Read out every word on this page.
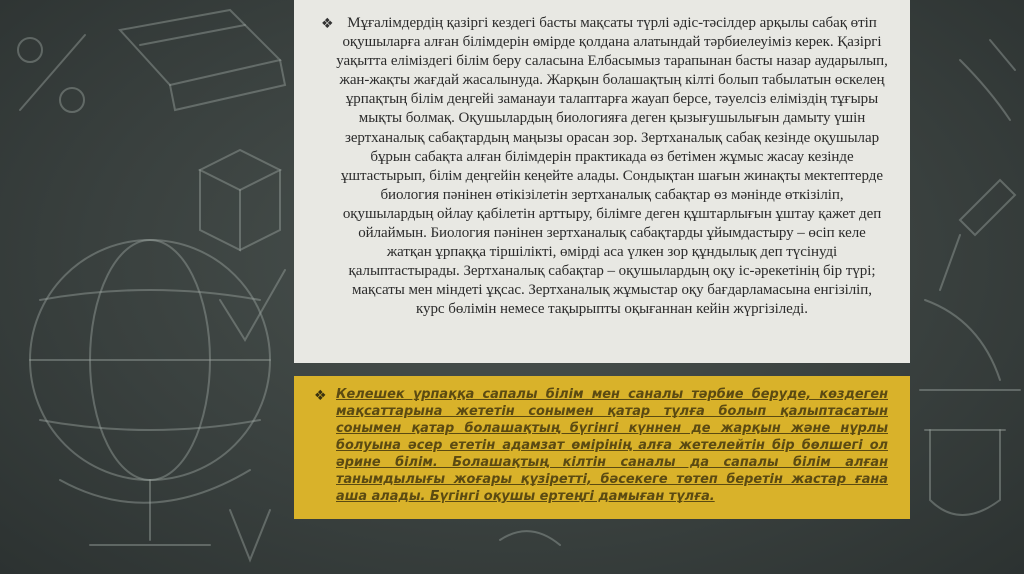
❖ Мұғалімдердің қазіргі кездегі басты мақсаты түрлі әдіс-тәсілдер арқылы сабақ өтіп оқушыларға алған білімдерін өмірде қолдана алатындай тәрбиелеуіміз керек. Қазіргі уақытта еліміздегі білім беру саласына Елбасымыз тарапынан басты назар аударылып, жан-жақты жағдай жасалынуда. Жарқын болашақтың кілті болып табылатын өскелең ұрпақтың білім деңгейі заманауи талаптарға жауап берсе, тәуелсіз еліміздің тұғыры мықты болмақ. Оқушылардың биологияға деген қызығушылығын дамыту үшін зертханалық сабақтардың маңызы орасан зор. Зертханалық сабақ кезінде оқушылар бұрын сабақта алған білімдерін практикада өз бетімен жұмыс жасау кезінде ұштастырып, білім деңгейін кеңейте алады. Сондықтан шағын жинақты мектептерде биология пәнінен өтікізілетін зертханалық сабақтар өз мәнінде өткізіліп, оқушылардың ойлау қабілетін арттыру, білімге деген құштарлығын ұштау қажет деп ойлаймын. Биология пәнінен зертханалық сабақтарды ұйымдастыру – өсіп келе жатқан ұрпаққа тіршілікті, өмірді аса үлкен зор құндылық деп түсінуді қалыптастырады. Зертханалық сабақтар – оқушылардың оқу іс-әрекетінің бір түрі; мақсаты мен міндеті ұқсас. Зертханалық жұмыстар оқу бағдарламасына енгізіліп, курс бөлімін немесе тақырыпты оқығаннан кейін жүргізіледі.

❖ Келешек ұрпаққа сапалы білім мен саналы тәрбие беруде, көздеген мақсаттарына жететін сонымен қатар тұлға болып қалыптасатын сонымен қатар болашақтың бүгінгі күннен де жарқын және нұрлы болуына әсер ететін адамзат өмірінің алға жетелейтін бір бөлшегі ол әрине білім. Болашақтың кілтін саналы да сапалы білім алған танымдылығы жоғары құзіретті, бәсекеге төтеп беретін жастар ғана аша алады. Бүгінгі оқушы ертеңгі дамыған тұлға.
